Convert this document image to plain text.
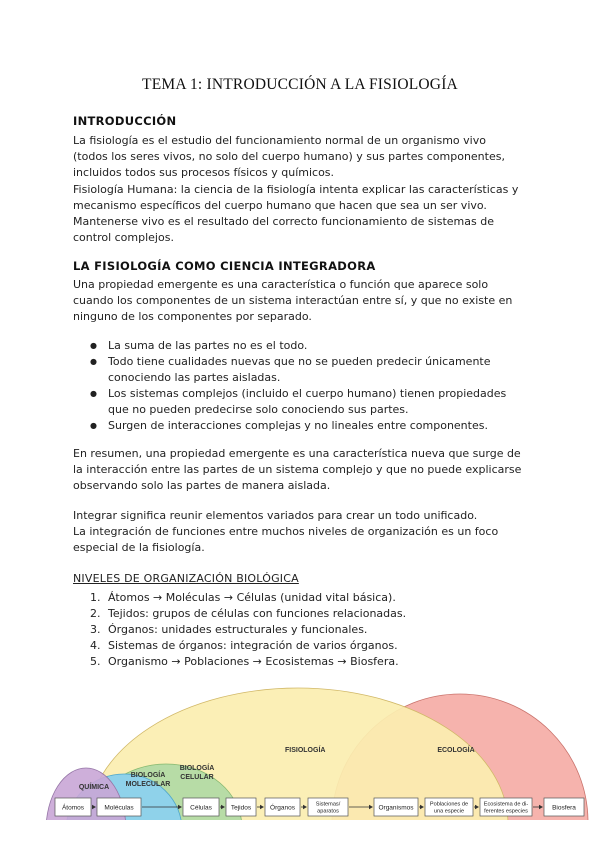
TEMA 1: INTRODUCCIÓN A LA FISIOLOGÍA
INTRODUCCIÓN
La fisiología es el estudio del funcionamiento normal de un organismo vivo
(todos los seres vivos, no solo del cuerpo humano) y sus partes componentes,
incluidos todos sus procesos físicos y químicos.
Fisiología Humana: la ciencia de la fisiología intenta explicar las características y
mecanismo específicos del cuerpo humano que hacen que sea un ser vivo.
Mantenerse vivo es el resultado del correcto funcionamiento de sistemas de
control complejos.
LA FISIOLOGÍA COMO CIENCIA INTEGRADORA
Una propiedad emergente es una característica o función que aparece solo
cuando los componentes de un sistema interactúan entre sí, y que no existe en
ninguno de los componentes por separado.
● La suma de las partes no es el todo.
● Todo tiene cualidades nuevas que no se pueden predecir únicamente
conociendo las partes aisladas.
● Los sistemas complejos (incluido el cuerpo humano) tienen propiedades
que no pueden predecirse solo conociendo sus partes.
● Surgen de interacciones complejas y no lineales entre componentes.
En resumen, una propiedad emergente es una característica nueva que surge de
la interacción entre las partes de un sistema complejo y que no puede explicarse
observando solo las partes de manera aislada.
Integrar significa reunir elementos variados para crear un todo unificado.
La integración de funciones entre muchos niveles de organización es un foco
especial de la fisiología.
NIVELES DE ORGANIZACIÓN BIOLÓGICA
1. Átomos → Moléculas → Células (unidad vital básica).
2. Tejidos: grupos de células con funciones relacionadas.
3. Órganos: unidades estructurales y funcionales.
4. Sistemas de órganos: integración de varios órganos.
5. Organismo → Poblaciones → Ecosistemas → Biosfera.
FISIOLOGÍA	ECOLOGÍA
QUÍMICA
BIOLOGÍA
MOLECULAR
BIOLOGÍA
CELULAR
Átomos	Moléculas	Células	Tejidos	Órganos	Sistemas/
aparatos	Organismos	Poblaciones de
una especie
Ecosistema de di-
ferentes especies	Biosfera
